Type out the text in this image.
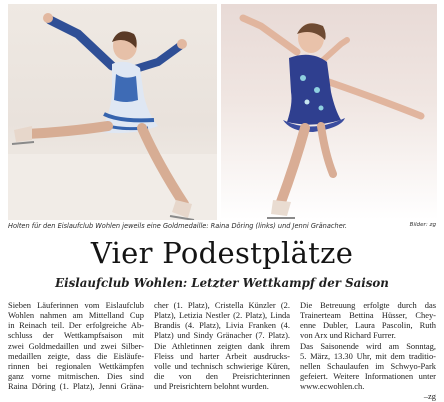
Holten für den Eislaufclub Wohlen jeweils eine Goldmedaille: Raina Döring (links) und Jenni Gränacher.	Bilder: zg
Vier Podestplätze
Eislaufclub Wohlen: Letzter Wettkampf der Saison
Sieben Läuferinnen vom Eislaufclub
Wohlen nahmen am Mittelland Cup
in Reinach teil. Der erfolgreiche Ab-
schluss der Wettkampfsaison mit
zwei Goldmedaillen und zwei Silber-
medaillen zeigte, dass die Eisläufe-
rinnen bei regionalen Wettkämpfen
ganz vorne mitmischen. Dies sind
Raina Döring (1. Platz), Jenni Gräna-
cher (1. Platz), Cristella Künzler (2.
Platz), Letizia Nestler (2. Platz), Linda
Brandis (4. Platz), Livia Franken (4.
Platz) und Sindy Gränacher (7. Platz).
Die Athletinnen zeigten dank ihrem
Fleiss und harter Arbeit ausdrucks-
volle und technisch schwierige Küren,
die von den Preisrichterinnen
und Preisrichtern belohnt wurden.
Die Betreuung erfolgte durch das
Trainerteam Bettina Hüsser, Chey-
enne Dubler, Laura Pascolin, Ruth
von Arx und Richard Furrer.
Das Saisonende wird am Sonntag,
5. März, 13.30 Uhr, mit dem traditio-
nellen Schaulaufen im Schwyo-Park
gefeiert. Weitere Informationen unter
www.ecwohlen.ch.
–zg
